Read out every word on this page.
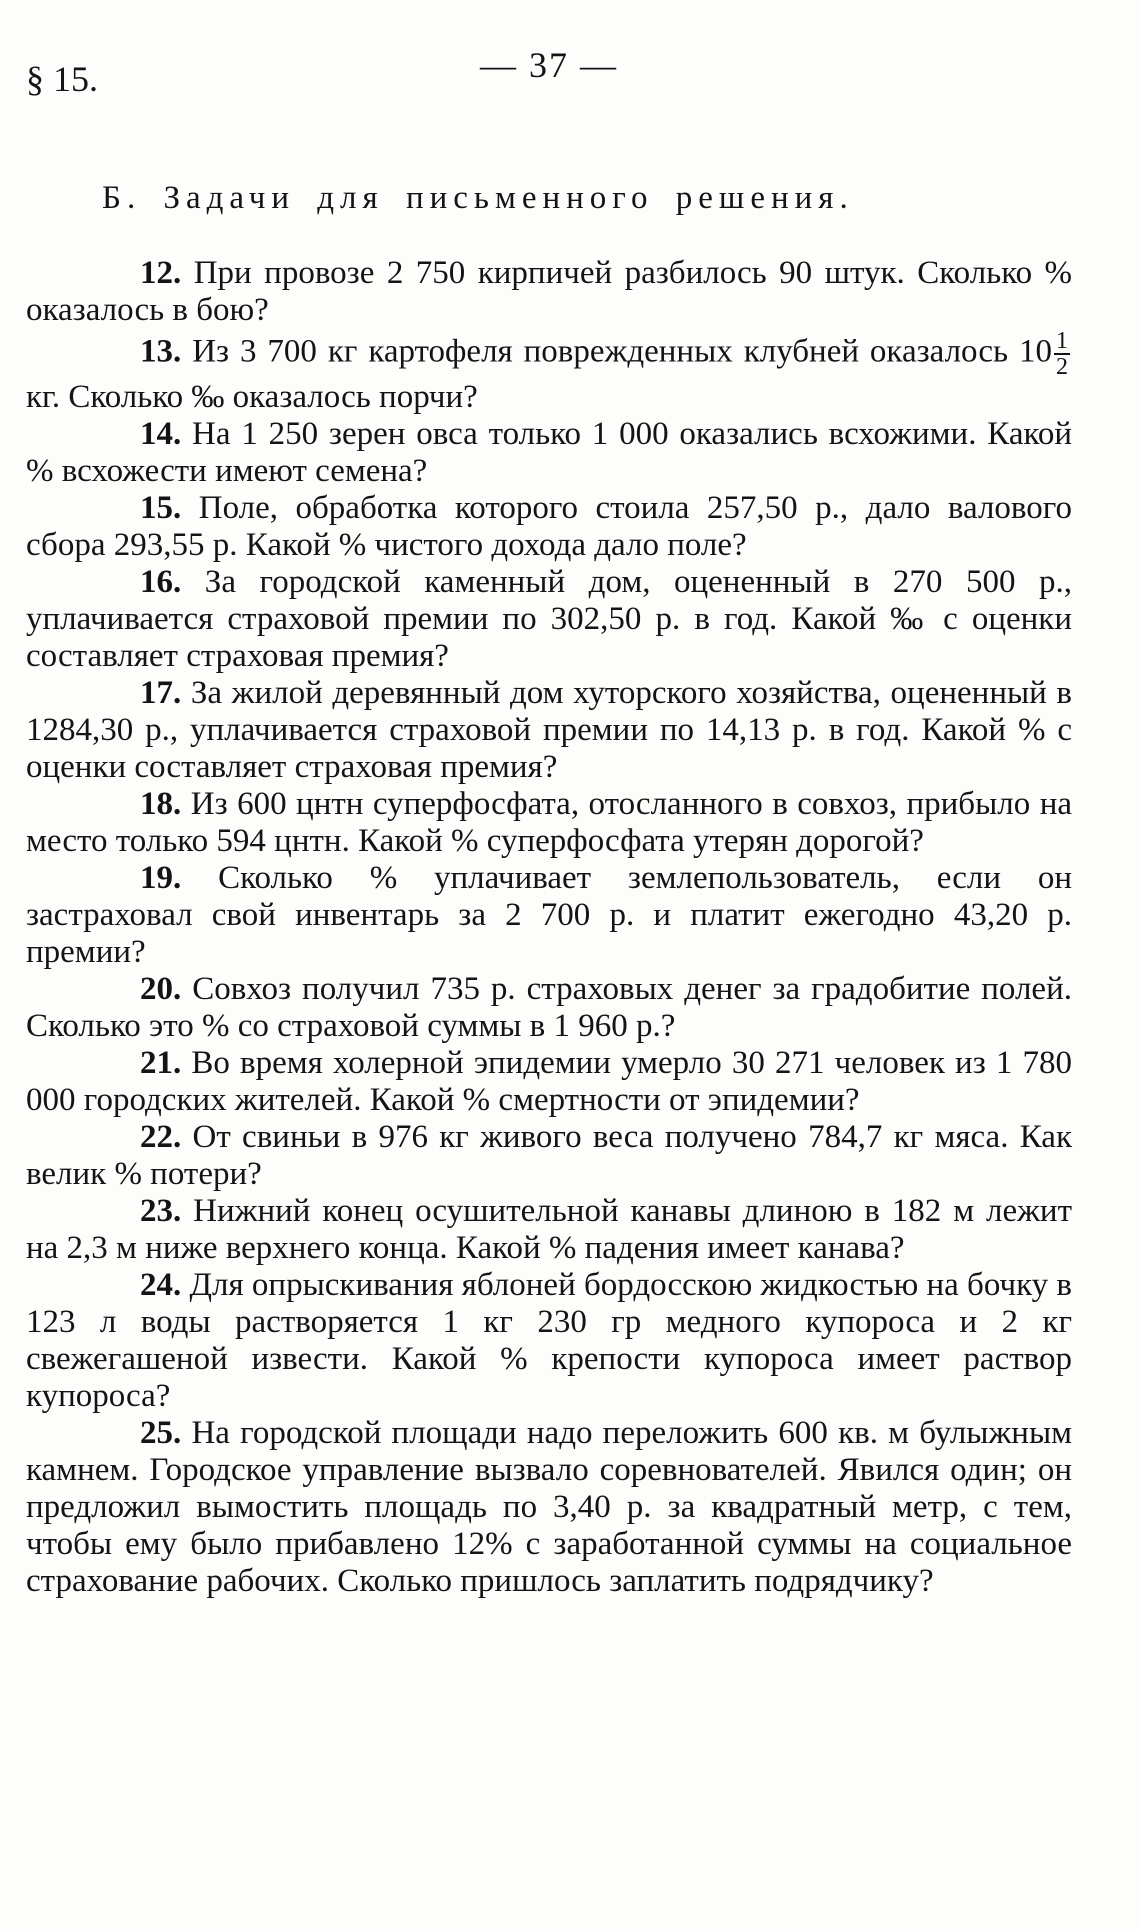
§ 15.	— 37 —
Б. Задачи для письменного решения.

12. При провозе 2 750 кирпичей разбилось 90 штук. Сколько % оказалось в бою?

13. Из 3 700 кг картофеля поврежденных клубней оказалось $10 \frac{1}{2}$
кг. Сколько ‰ оказалось порчи?

14. На 1 250 зерен овса только 1 000 оказались всхожими. Какой % всхожести имеют семена?

15. Поле, обработка которого стоила 257,50 р., дало валового сбора 293,55 р. Какой % чистого дохода дало поле?

16. За городской каменный дом, оцененный в 270 500 р., уплачивается страховой премии по 302,50 р. в год. Какой ‰ с оценки составляет страховая премия?

17. За жилой деревянный дом хуторского хозяйства, оцененный в 1284,30 р., уплачивается страховой премии по 14,13 р. в год. Какой % с оценки составляет страховая премия?

18. Из 600 цнтн суперфосфата, отосланного в совхоз, прибыло на место только 594 цнтн. Какой % суперфосфата утерян дорогой?

19. Сколько % уплачивает землепользователь, если он застраховал свой инвентарь за 2 700 р. и платит ежегодно 43,20 р. премии?

20. Совхоз получил 735 р. страховых денег за градобитие полей. Сколько это % со страховой суммы в 1 960 р.?

21. Во время холерной эпидемии умерло 30 271 человек из 1 780 000 городских жителей. Какой % смертности от эпидемии?

22. От свиньи в 976 кг живого веса получено 784,7 кг мяса. Как велик % потери?

23. Нижний конец осушительной канавы длиною в 182 м лежит на 2,3 м ниже верхнего конца. Какой % падения имеет канава?

24. Для опрыскивания яблоней бордосскою жидкостью на бочку в 123 л воды растворяется 1 кг 230 гр медного купороса и 2 кг свежегашеной извести. Какой % крепости купороса имеет раствор купороса?

25. На городской площади надо переложить 600 кв. м булыжным камнем. Городское управление вызвало соревнователей. Явился один; он предложил вымостить площадь по 3,40 р. за квадратный метр, с тем, чтобы ему было прибавлено 12% с заработанной суммы на социальное страхование рабочих. Сколько пришлось заплатить подрядчику?
